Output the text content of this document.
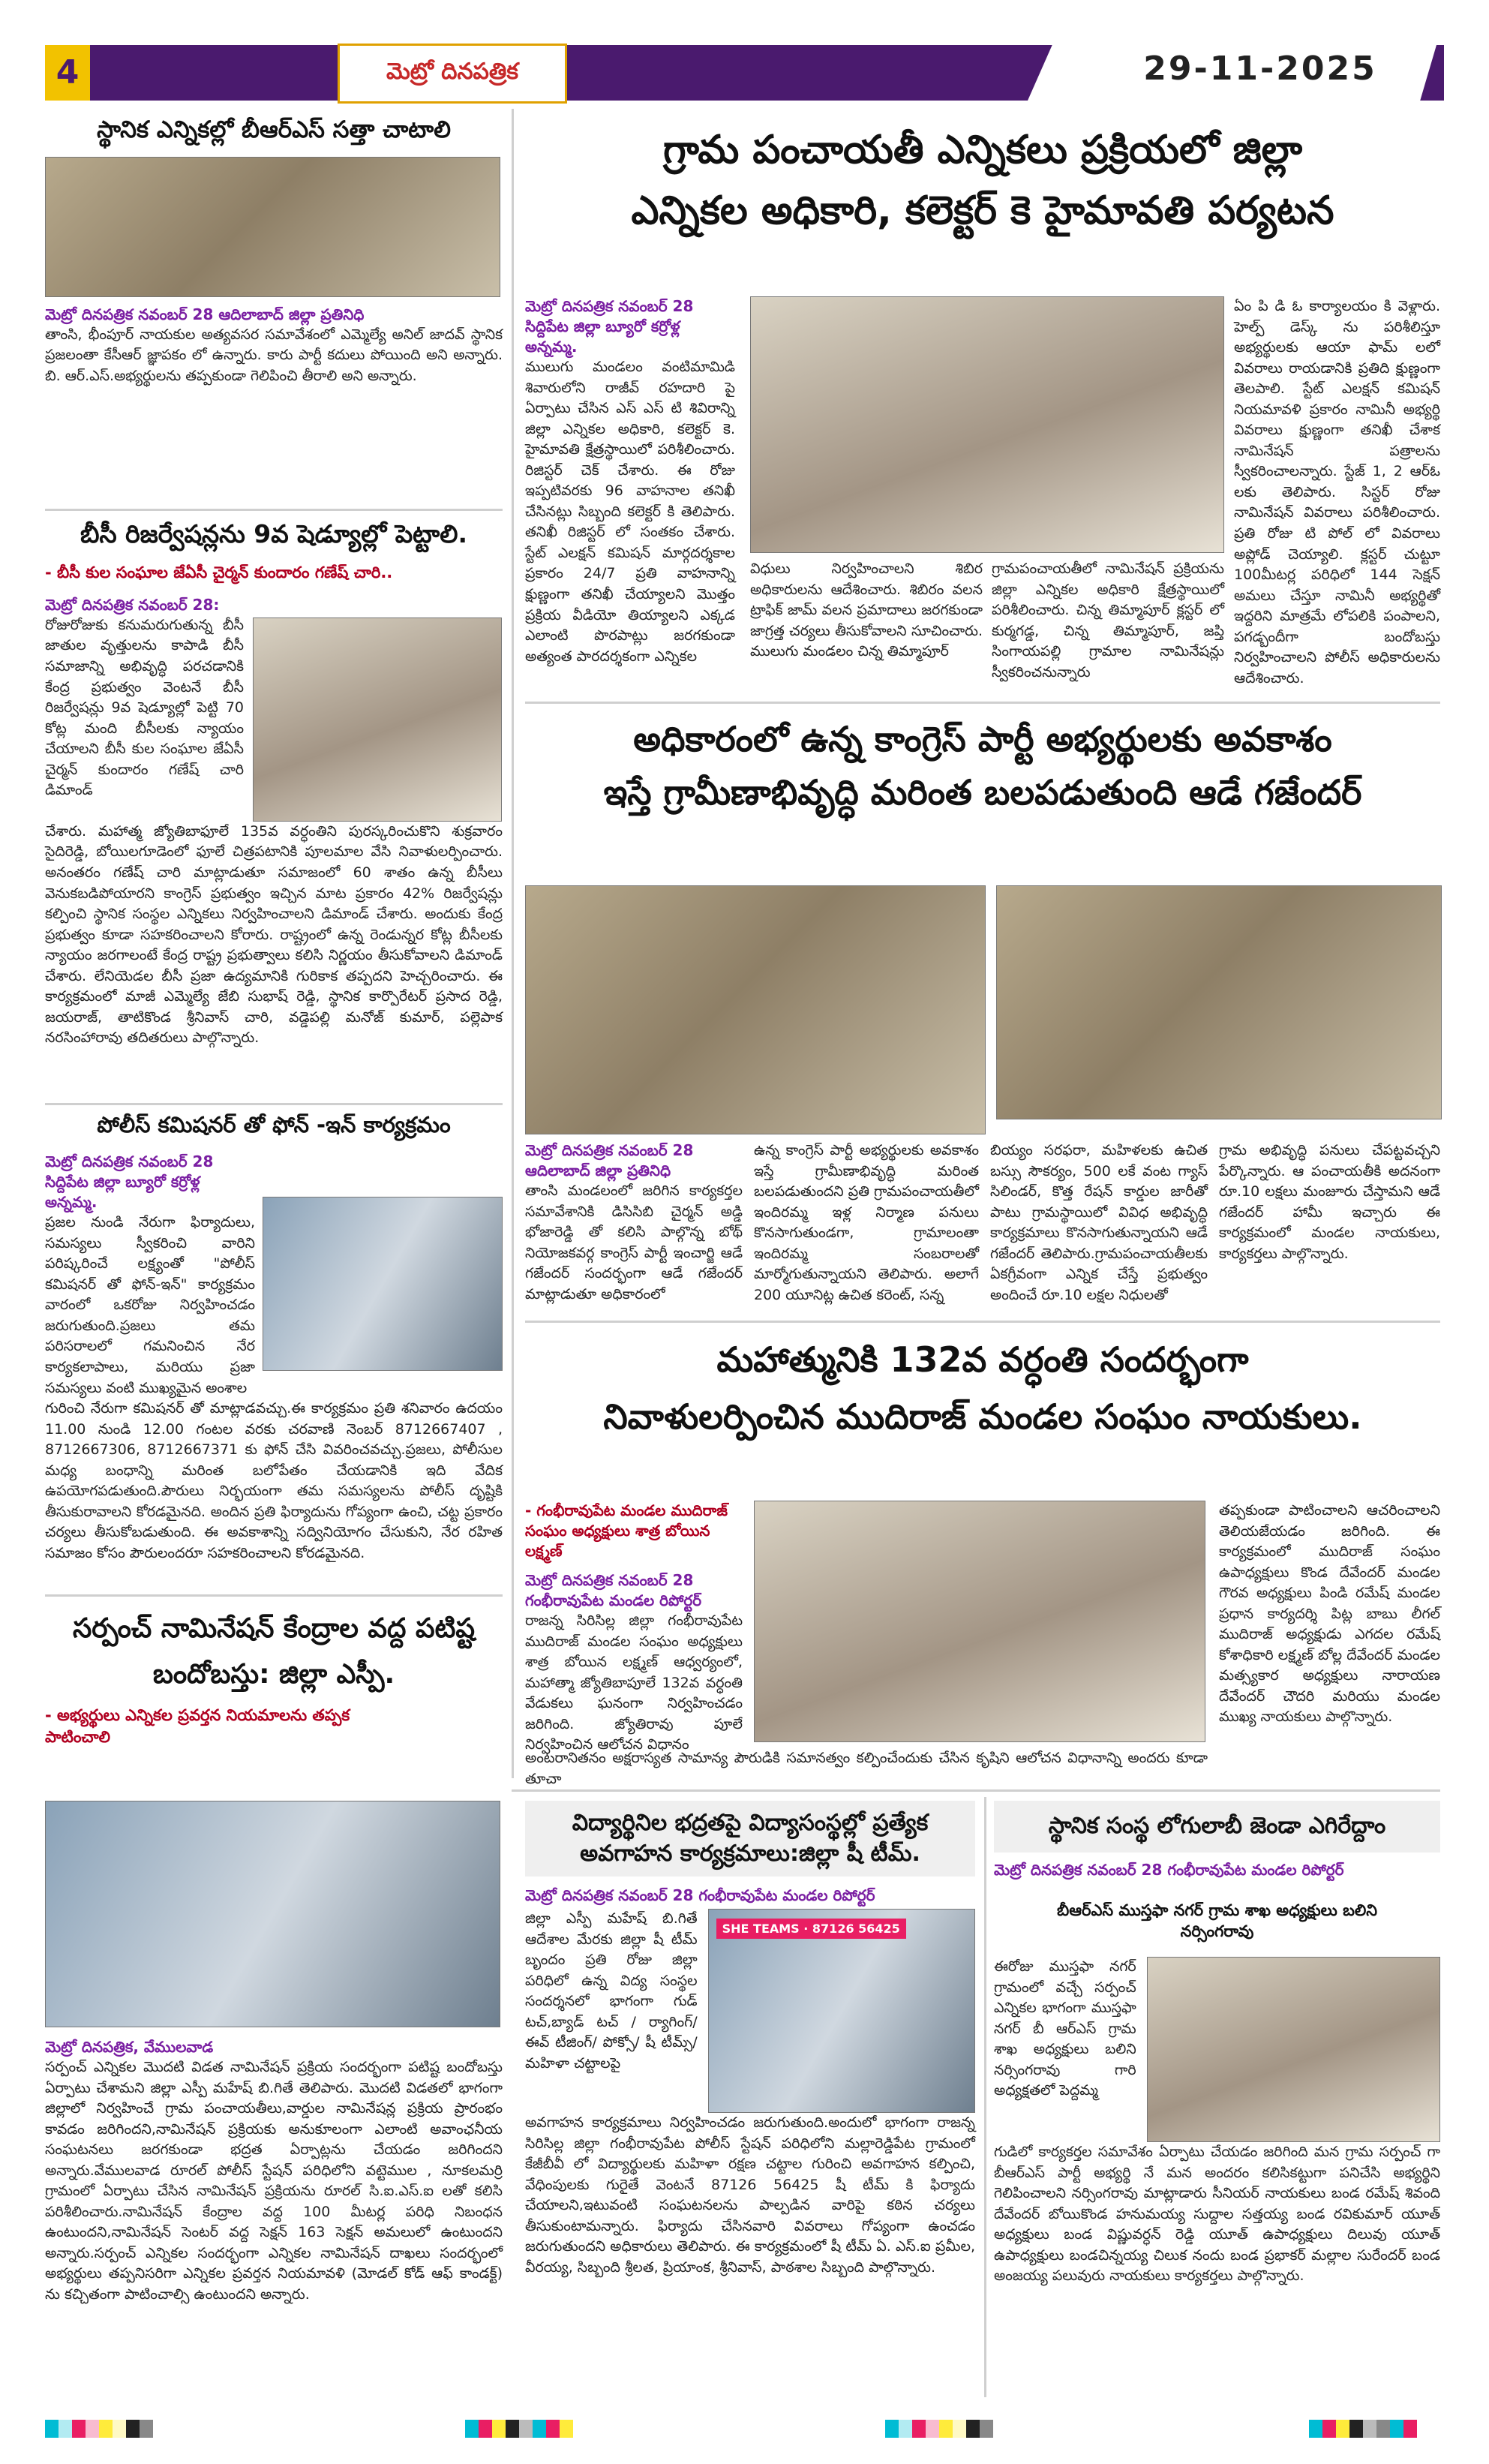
4	మెట్రో దినపత్రిక	29-11-2025
స్థానిక ఎన్నికల్లో బీఆర్ఎస్ సత్తా చాటాలి
మెట్రో దినపత్రిక నవంబర్ 28 ఆదిలాబాద్ జిల్లా ప్రతినిధి
తాంసి, భీంపూర్ నాయకుల అత్యవసర సమావేశంలో ఎమ్మెల్యే అనిల్ జాదవ్ స్థానిక ప్రజలంతా కేసీఆర్ జ్ఞాపకం లో ఉన్నారు. కారు పార్టీ కదులు పోయింది అని అన్నారు. బి. ఆర్.ఎస్.అభ్యర్థులను తప్పకుండా గెలిపించి తీరాలి అని అన్నారు.
బీసీ రిజర్వేషన్లను 9వ షెడ్యూల్లో పెట్టాలి.
- బీసీ కుల సంఘాల జేఏసీ చైర్మన్ కుందారం గణేష్ చారి..
మెట్రో దినపత్రిక నవంబర్ 28:
రోజురోజుకు కనుమరుగుతున్న బీసీ జాతుల వృత్తులను కాపాడి బీసీ సమాజాన్ని అభివృద్ధి పరచడానికి కేంద్ర ప్రభుత్వం వెంటనే బీసీ రిజర్వేషన్లు 9వ షెడ్యూల్లో పెట్టి 70 కోట్ల మంది బీసీలకు న్యాయం చేయాలని బీసీ కుల సంఘాల జేఏసీ చైర్మన్ కుందారం గణేష్ చారి డిమాండ్
చేశారు. మహాత్మ జ్యోతిబాఫూలే 135వ వర్ధంతిని పురస్కరించుకొని శుక్రవారం సైదిరెడ్డి, బోయిలగూడెంలో ఫూలే చిత్రపటానికి పూలమాల వేసి నివాళులర్పించారు. అనంతరం గణేష్ చారి మాట్లాడుతూ సమాజంలో 60 శాతం ఉన్న బీసీలు వెనుకబడిపోయారని కాంగ్రెస్ ప్రభుత్వం ఇచ్చిన మాట ప్రకారం 42% రిజర్వేషన్లు కల్పించి స్థానిక సంస్థల ఎన్నికలు నిర్వహించాలని డిమాండ్ చేశారు. అందుకు కేంద్ర ప్రభుత్వం కూడా సహకరించాలని కోరారు. రాష్ట్రంలో ఉన్న రెండున్నర కోట్ల బీసీలకు న్యాయం జరగాలంటే కేంద్ర రాష్ట్ర ప్రభుత్వాలు కలిసి నిర్ణయం తీసుకోవాలని డిమాండ్ చేశారు. లేనియెడల బీసీ ప్రజా ఉద్యమానికి గురికాక తప్పదని హెచ్చరించారు. ఈ కార్యక్రమంలో మాజీ ఎమ్మెల్యే జేబి సుభాష్ రెడ్డి, స్థానిక కార్పొరేటర్ ప్రసాద రెడ్డి, జయరాజ్, తాటికొండ శ్రీనివాస్ చారి, వడ్డెపల్లి మనోజ్ కుమార్, పల్లెపాక నరసింహారావు తదితరులు పాల్గొన్నారు.
పోలీస్ కమిషనర్ తో ఫోన్ -ఇన్ కార్యక్రమం
మెట్రో దినపత్రిక నవంబర్ 28 సిద్దిపేట జిల్లా బ్యూరో కర్రోళ్ల అన్నమ్మ.
ప్రజల నుండి నేరుగా ఫిర్యాదులు, సమస్యలు స్వీకరించి వారిని పరిష్కరించే లక్ష్యంతో "పోలీస్ కమిషనర్ తో ఫోన్-ఇన్" కార్యక్రమం వారంలో ఒకరోజు నిర్వహించడం జరుగుతుంది.ప్రజలు తమ పరిసరాలలో గమనించిన నేర కార్యకలాపాలు, మరియు ప్రజా సమస్యలు వంటి ముఖ్యమైన అంశాల
గురించి నేరుగా కమిషనర్ తో మాట్లాడవచ్చు.ఈ కార్యక్రమం ప్రతి శనివారం ఉదయం 11.00 నుండి 12.00 గంటల వరకు చరవాణి నెంబర్ 8712667407 , 8712667306, 8712667371 కు ఫోన్ చేసి వివరించవచ్చు.ప్రజలు, పోలీసుల మధ్య బంధాన్ని మరింత బలోపేతం చేయడానికి ఇది వేదిక ఉపయోగపడుతుంది.పౌరులు నిర్భయంగా తమ సమస్యలను పోలీస్ దృష్టికి తీసుకురావాలని కోరడమైనది. అందిన ప్రతి ఫిర్యాదును గోప్యంగా ఉంచి, చట్ట ప్రకారం చర్యలు తీసుకోబడుతుంది. ఈ అవకాశాన్ని సద్వినియోగం చేసుకుని, నేర రహిత సమాజం కోసం పౌరులందరూ సహకరించాలని కోరడమైనది.
సర్పంచ్ నామినేషన్ కేంద్రాల వద్ద పటిష్ట బందోబస్తు: జిల్లా ఎస్పీ.
- అభ్యర్థులు ఎన్నికల ప్రవర్తన నియమాలను తప్పక పాటించాలి
మెట్రో దినపత్రిక, వేములవాడ
సర్పంచ్ ఎన్నికల మొదటి విడత నామినేషన్ ప్రక్రియ సందర్భంగా పటిష్ట బందోబస్తు ఏర్పాటు చేశామని జిల్లా ఎస్పీ మహేష్ బి.గితే తెలిపారు. మొదటి విడతలో భాగంగా జిల్లాలో నిర్వహించే గ్రామ పంచాయతీలు,వార్డుల నామినేషన్ల ప్రక్రియ ప్రారంభం కావడం జరిగిందని,నామినేషన్ ప్రక్రియకు అనుకూలంగా ఎలాంటి అవాంఛనీయ సంఘటనలు జరగకుండా భద్రత ఏర్పాట్లను చేయడం జరిగిందని అన్నారు.వేములవాడ రూరల్ పోలీస్ స్టేషన్ పరిధిలోని వట్టెముల , నూకలమర్రి గ్రామంలో ఏర్పాటు చేసిన నామినేషన్ ప్రక్రియను రూరల్ సి.ఐ.ఎస్.ఐ లతో కలిసి పరిశీలించారు.నామినేషన్ కేంద్రాల వద్ద 100 మీటర్ల పరిధి నిబంధన ఉంటుందని,నామినేషన్ సెంటర్ వద్ద సెక్షన్ 163 సెక్షన్ అమలులో ఉంటుందని అన్నారు.సర్పంచ్ ఎన్నికల సందర్భంగా ఎన్నికల నామినేషన్ దాఖలు సందర్భంలో అభ్యర్థులు తప్పనిసరిగా ఎన్నికల ప్రవర్తన నియమావళి (మోడల్ కోడ్ ఆఫ్ కాండక్ట్) ను కచ్చితంగా పాటించాల్సి ఉంటుందని అన్నారు.
గ్రామ పంచాయతీ ఎన్నికలు ప్రక్రియలో జిల్లా
ఎన్నికల అధికారి, కలెక్టర్ కె హైమావతి పర్యటన
మెట్రో దినపత్రిక నవంబర్ 28 సిద్దిపేట జిల్లా బ్యూరో కర్రోళ్ల అన్నమ్మ.
ములుగు మండలం వంటిమామిడి శివారులోని రాజీవ్ రహదారి పై ఏర్పాటు చేసిన ఎస్ ఎస్ టి శివిరాన్ని జిల్లా ఎన్నికల అధికారి, కలెక్టర్ కె. హైమావతి క్షేత్రస్థాయిలో పరిశీలించారు. రిజిస్టర్ చెక్ చేశారు. ఈ రోజు ఇప్పటివరకు 96 వాహనాల తనిఖీ చేసినట్లు సిబ్బంది కలెక్టర్ కి తెలిపారు. తనిఖీ రిజిస్టర్ లో సంతకం చేశారు. స్టేట్ ఎలక్షన్ కమిషన్ మార్గదర్శకాల ప్రకారం 24/7 ప్రతి వాహనాన్ని క్షుణ్ణంగా తనిఖీ చేయ్యాలని మొత్తం ప్రక్రియ వీడియో తియ్యాలని ఎక్కడ ఎలాంటి పొరపాట్లు జరగకుండా అత్యంత పారదర్శకంగా ఎన్నికల
విధులు నిర్వహించాలని శిబిర అధికారులను ఆదేశించారు. శిబిరం వలన ట్రాఫిక్ జామ్ వలన ప్రమాదాలు జరగకుండా జాగ్రత్త చర్యలు తీసుకోవాలని సూచించారు. ములుగు మండలం చిన్న తిమ్మాపూర్
గ్రామపంచాయతీలో నామినేషన్ ప్రక్రియను జిల్లా ఎన్నికల అధికారి క్షేత్రస్థాయిలో పరిశీలించారు. చిన్న తిమ్మాపూర్ క్లస్టర్ లో కుర్మగడ్డ, చిన్న తిమ్మాపూర్, జప్తి సింగాయపల్లి గ్రామాల నామినేషన్లు స్వీకరించనున్నారు
ఏం పి డి ఓ కార్యాలయం కి వెళ్లారు. హెల్ప్ డెస్క్ ను పరిశీలిస్తూ అభ్యర్థులకు ఆయా ఫామ్ లలో వివరాలు రాయడానికి ప్రతిది క్షుణ్ణంగా తెలపాలి. స్టేట్ ఎలక్షన్ కమిషన్ నియమావళి ప్రకారం నామినీ అభ్యర్థి వివరాలు క్షుణ్ణంగా తనిఖీ చేశాక నామినేషన్ పత్రాలను స్వీకరించాలన్నారు. స్టేజ్ 1, 2 ఆర్ఓ లకు తెలిపారు. సిస్టర్ రోజు నామినేషన్ వివరాలు పరిశీలించారు. ప్రతి రోజు టి పోల్ లో వివరాలు అప్లోడ్ చెయ్యాలి. క్లస్టర్ చుట్టూ 100మీటర్ల పరిధిలో 144 సెక్షన్ అమలు చేస్తూ నామినీ అభ్యర్థితో ఇద్దరిని మాత్రమే లోపలికి పంపాలని, పగడ్బందీగా బందోబస్తు నిర్వహించాలని పోలీస్ అధికారులను ఆదేశించారు.
అధికారంలో ఉన్న కాంగ్రెస్ పార్టీ అభ్యర్థులకు అవకాశం
ఇస్తే గ్రామీణాభివృద్ధి మరింత బలపడుతుంది ఆడే గజేందర్
మెట్రో దినపత్రిక నవంబర్ 28 ఆదిలాబాద్ జిల్లా ప్రతినిధి
తాంసి మండలంలో జరిగిన కార్యకర్తల సమావేశానికి డిసిసిబి చైర్మన్ అడ్డి భోజారెడ్డి తో కలిసి పాల్గొన్న బోథ్ నియోజకవర్గ కాంగ్రెస్ పార్టీ ఇంచార్జి ఆడే గజేందర్ సందర్భంగా ఆడే గజేందర్ మాట్లాడుతూ అధికారంలో
ఉన్న కాంగ్రెస్ పార్టీ అభ్యర్థులకు అవకాశం ఇస్తే గ్రామీణాభివృద్ధి మరింత బలపడుతుందని ప్రతి గ్రామపంచాయతీలో ఇందిరమ్మ ఇళ్ల నిర్మాణ పనులు కొనసాగుతుండగా, గ్రామాలంతా ఇందిరమ్మ సంబరాలతో మార్మోగుతున్నాయని తెలిపారు. అలాగే 200 యూనిట్ల ఉచిత కరెంట్, సన్న
బియ్యం సరఫరా, మహిళలకు ఉచిత బస్సు సౌకర్యం, 500 లకే వంట గ్యాస్ సిలిండర్, కొత్త రేషన్ కార్డుల జారీతో పాటు గ్రామస్థాయిలో వివిధ అభివృద్ధి కార్యక్రమాలు కొనసాగుతున్నాయని ఆడే గజేందర్ తెలిపారు.గ్రామపంచాయతీలకు ఏకగ్రీవంగా ఎన్నిక చేస్తే ప్రభుత్వం అందించే రూ.10 లక్షల నిధులతో
గ్రామ అభివృద్ధి పనులు చేపట్టవచ్చని పేర్కొన్నారు. ఆ పంచాయతీకి అదనంగా రూ.10 లక్షలు మంజూరు చేస్తామని ఆడే గజేందర్ హామీ ఇచ్చారు ఈ కార్యక్రమంలో మండల నాయకులు, కార్యకర్తలు పాల్గొన్నారు.
మహాత్మునికి 132వ వర్ధంతి సందర్భంగా
నివాళులర్పించిన ముదిరాజ్ మండల సంఘం నాయకులు.
- గంభీరావుపేట మండల ముదిరాజ్ సంఘం అధ్యక్షులు శాత్ర బోయిన లక్ష్మణ్
మెట్రో దినపత్రిక నవంబర్ 28 గంభీరావుపేట మండల రిపోర్టర్
రాజన్న సిరిసిల్ల జిల్లా గంభీరావుపేట ముదిరాజ్ మండల సంఘం అధ్యక్షులు శాత్ర బోయిన లక్ష్మణ్ ఆధ్వర్యంలో, మహాత్మా జ్యోతిబాపూలే 132వ వర్ధంతి వేడుకలు ఘనంగా నిర్వహించడం జరిగింది. జ్యోతిరావు పూలే నిర్వహించిన ఆలోచన విధానం
అంటరానితనం అక్షరాస్యత సామాన్య పౌరుడికి సమానత్వం కల్పించేందుకు చేసిన కృషిని ఆలోచన విధానాన్ని అందరు కూడా తూచా
తప్పకుండా పాటించాలని ఆచరించాలని తెలియజేయడం జరిగింది. ఈ కార్యక్రమంలో ముదిరాజ్ సంఘం ఉపాధ్యక్షులు కొండ దేవేందర్ మండల గౌరవ అధ్యక్షులు పిండి రమేష్ మండల ప్రధాన కార్యదర్శి పిట్ల బాబు లీగల్ ముదిరాజ్ అధ్యక్షుడు ఎగదల రమేష్ కోశాధికారి లక్ష్మణ్ బోల్ల దేవేందర్ మండల మత్స్యకార అధ్యక్షులు నారాయణ దేవేందర్ చౌదరి మరియు మండల ముఖ్య నాయకులు పాల్గొన్నారు.
విద్యార్థినిల భద్రతపై విద్యాసంస్థల్లో ప్రత్యేక అవగాహన కార్యక్రమాలు:జిల్లా షీ టీమ్.
మెట్రో దినపత్రిక నవంబర్ 28 గంభీరావుపేట మండల రిపోర్టర్
జిల్లా ఎస్పీ మహేష్ బి.గితే ఆదేశాల మేరకు జిల్లా షీ టీమ్ బృందం ప్రతి రోజు జిల్లా పరిధిలో ఉన్న విద్య సంస్థల సందర్శనలో భాగంగా గుడ్ టచ్,బ్యాడ్ టచ్ / ర్యాగింగ్/ ఈవ్ టీజింగ్/ పోక్సో/ షీ టీమ్స్/ మహిళా చట్టాలపై
SHE TEAMS · 87126 56425
అవగాహన కార్యక్రమాలు నిర్వహించడం జరుగుతుంది.అందులో భాగంగా రాజన్న సిరిసిల్ల జిల్లా గంభీరావుపేట పోలీస్ స్టేషన్ పరిధిలోని మల్లారెడ్డిపేట గ్రామంలో కేజీబీవీ లో విద్యార్థులకు మహిళా రక్షణ చట్టాల గురించి అవగాహన కల్పించి, వేధింపులకు గురైతే వెంటనే 87126 56425 షీ టీమ్ కి ఫిర్యాదు చేయాలని,ఇటువంటి సంఘటనలను పాల్పడిన వారిపై కఠిన చర్యలు తీసుకుంటామన్నారు. ఫిర్యాదు చేసినవారి వివరాలు గోప్యంగా ఉంచడం జరుగుతుందని అధికారులు తెలిపారు. ఈ కార్యక్రమంలో షీ టీమ్ ఏ. ఎస్.ఐ ప్రమీల, వీరయ్య, సిబ్బంది శ్రీలత, ప్రియాంక, శ్రీనివాస్, పాఠశాల సిబ్బంది పాల్గొన్నారు.
స్థానిక సంస్థ లోగులాబీ జెండా ఎగిరేద్దాం
మెట్రో దినపత్రిక నవంబర్ 28 గంభీరావుపేట మండల రిపోర్టర్
బీఆర్ఎస్ ముస్తఫా నగర్ గ్రామ శాఖ అధ్యక్షులు బలిని నర్సింగరావు
ఈరోజు ముస్తఫా నగర్ గ్రామంలో వచ్చే సర్పంచ్ ఎన్నికల భాగంగా ముస్తఫా నగర్ బీ ఆర్ఎస్ గ్రామ శాఖ అధ్యక్షులు బలిని నర్సింగరావు గారి అధ్యక్షతలో పెద్దమ్మ
గుడిలో కార్యకర్తల సమావేశం ఏర్పాటు చేయడం జరిగింది మన గ్రామ సర్పంచ్ గా బీఆర్ఎస్ పార్టీ అభ్యర్థి నే మన అందరం కలిసికట్టుగా పనిచేసి అభ్యర్థిని గెలిపించాలని నర్సింగరావు మాట్లాడారు సీనియర్ నాయకులు బండ రమేష్ శివంది దేవేందర్ బోయికొండ హనుమయ్య సుద్దాల సత్తయ్య బండ రవికుమార్ యూత్ అధ్యక్షులు బండ విష్ణువర్ధన్ రెడ్డి యూత్ ఉపాధ్యక్షులు దిలువు యూత్ ఉపాధ్యక్షులు బండచిన్నయ్య చిలుక నందు బండ ప్రభాకర్ మల్లాల సురేందర్ బండ అంజయ్య పలువురు నాయకులు కార్యకర్తలు పాల్గొన్నారు.
